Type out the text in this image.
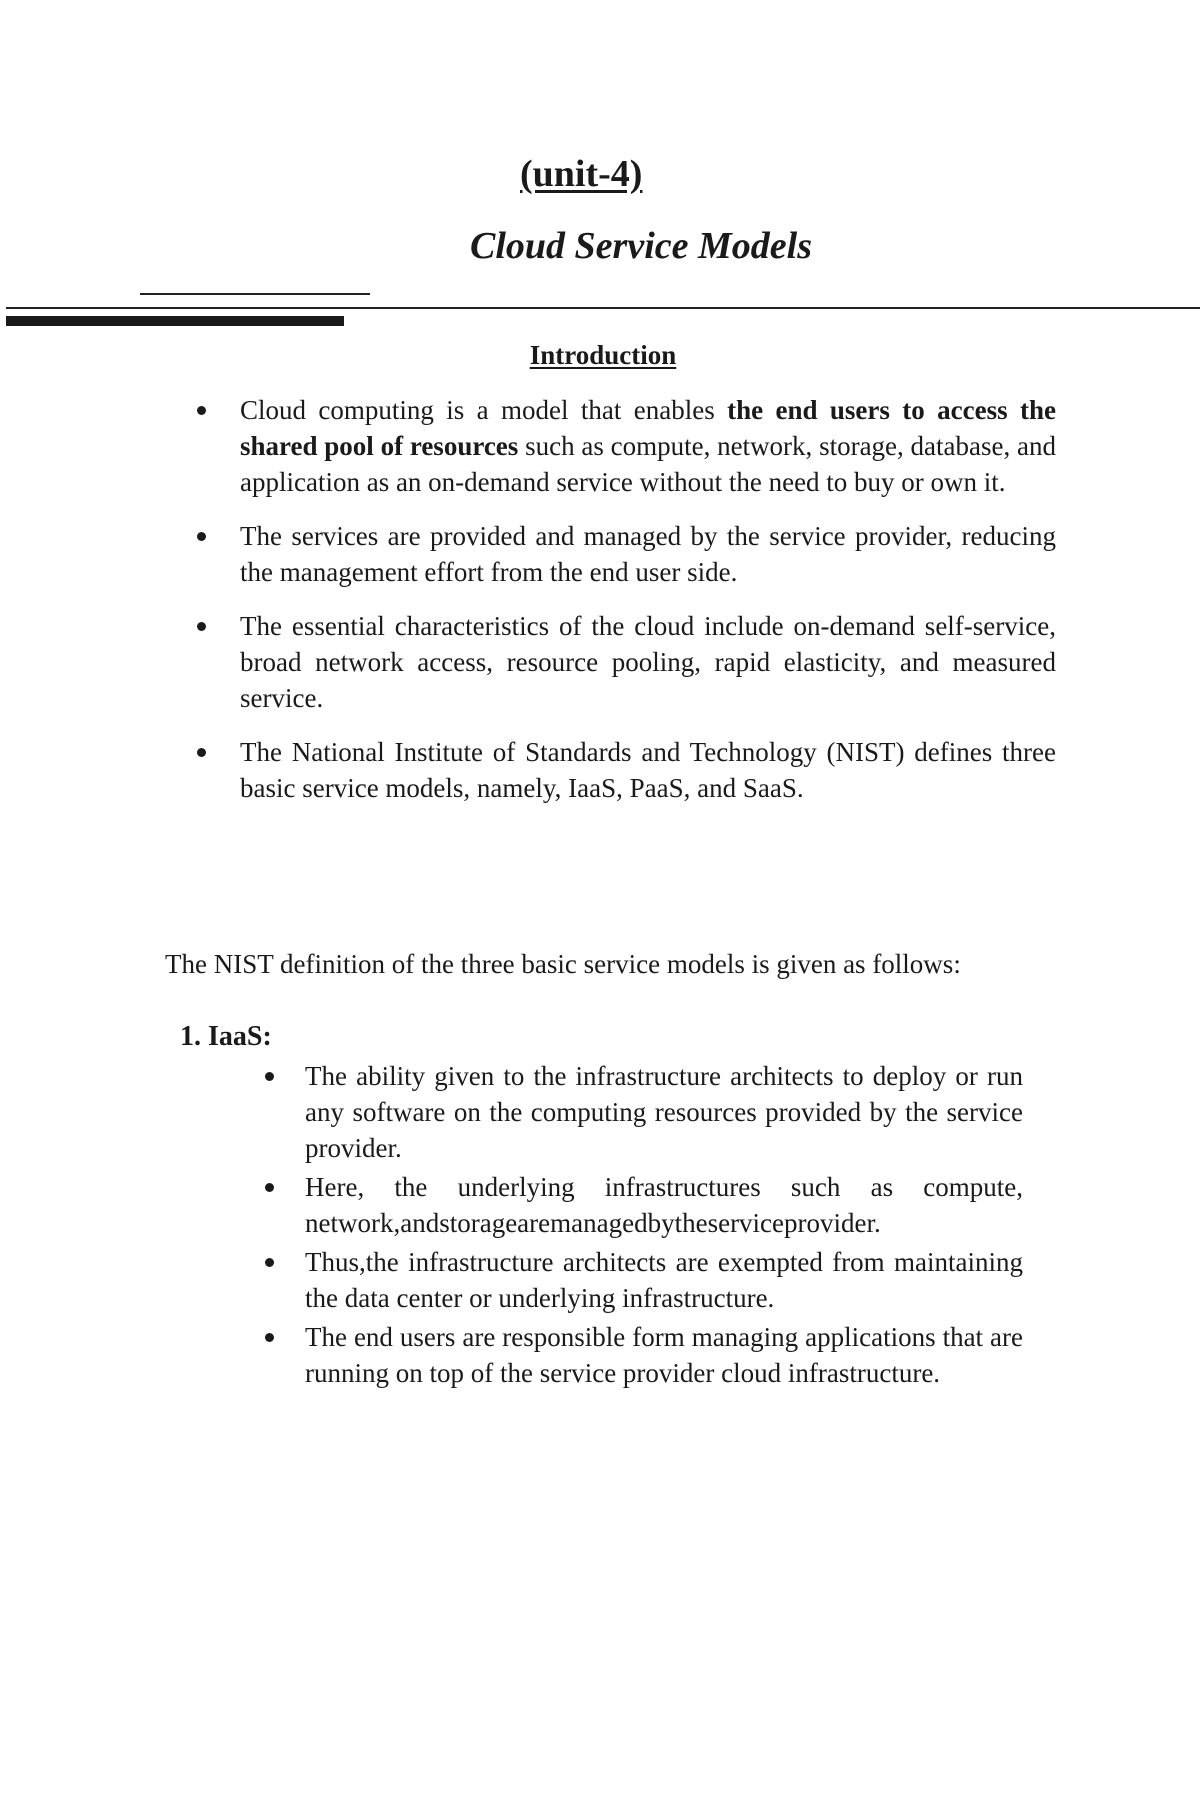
(unit-4)
Cloud Service Models
Introduction
Cloud computing is a model that enables the end users to access the shared pool of resources such as compute, network, storage, database, and application as an on-demand service without the need to buy or own it.
The services are provided and managed by the service provider, reducing the management effort from the end user side.
The essential characteristics of the cloud include on-demand self-service, broad network access, resource pooling, rapid elasticity, and measured service.
The National Institute of Standards and Technology (NIST) defines three basic service models, namely, IaaS, PaaS, and SaaS.
The NIST definition of the three basic service models is given as follows:
1. IaaS:
The ability given to the infrastructure architects to deploy or run any software on the computing resources provided by the service provider.
Here, the underlying infrastructures such as compute, network,andstoragearemanagedbytheserviceprovider.
Thus,the infrastructure architects are exempted from maintaining the data center or underlying infrastructure.
The end users are responsible form managing applications that are running on top of the service provider cloud infrastructure.
